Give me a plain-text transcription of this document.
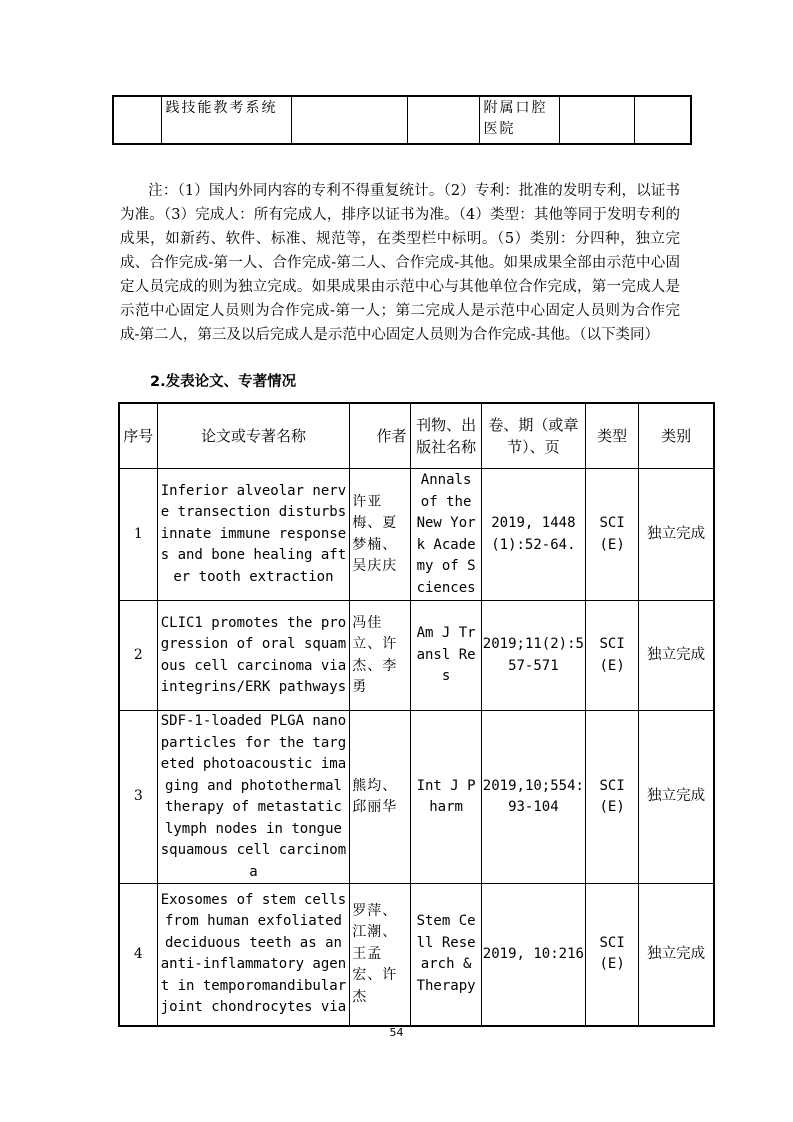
	践技能教考系统			附属口腔医院		
注：（1）国内外同内容的专利不得重复统计。（2）专利：批准的发明专利，以证书为准。（3）完成人：所有完成人，排序以证书为准。（4）类型：其他等同于发明专利的成果，如新药、软件、标准、规范等，在类型栏中标明。（5）类别：分四种，独立完成、合作完成-第一人、合作完成-第二人、合作完成-其他。如果成果全部由示范中心固定人员完成的则为独立完成。如果成果由示范中心与其他单位合作完成，第一完成人是示范中心固定人员则为合作完成-第一人；第二完成人是示范中心固定人员则为合作完成-第二人，第三及以后完成人是示范中心固定人员则为合作完成-其他。（以下类同）
2.发表论文、专著情况
序号	论文或专著名称	作者	刊物、出版社名称	卷、期（或章节）、页	类型	类别
1	Inferior alveolar nerve transection disturbs innate immune responses and bone healing after tooth extraction	许亚梅、夏梦楠、吴庆庆	Annals of the New York Academy of Sciences	2019, 1448(1):52-64.	SCI(E)	独立完成
2	CLIC1 promotes the progression of oral squamous cell carcinoma via integrins/ERK pathways	冯佳立、许杰、李勇	Am J Transl Res	2019;11(2):557-571	SCI(E)	独立完成
3	SDF-1-loaded PLGA nanoparticles for the targeted photoacoustic imaging and photothermal therapy of metastatic lymph nodes in tongue squamous cell carcinoma	熊均、邱丽华	Int J Pharm	2019,10;554:93-104	SCI(E)	独立完成
4	Exosomes of stem cells from human exfoliated deciduous teeth as an anti-inflammatory agent in temporomandibular joint chondrocytes via	罗萍、江潮、王孟宏、许杰	Stem Cell Research & Therapy	2019, 10:216	SCI(E)	独立完成
54
